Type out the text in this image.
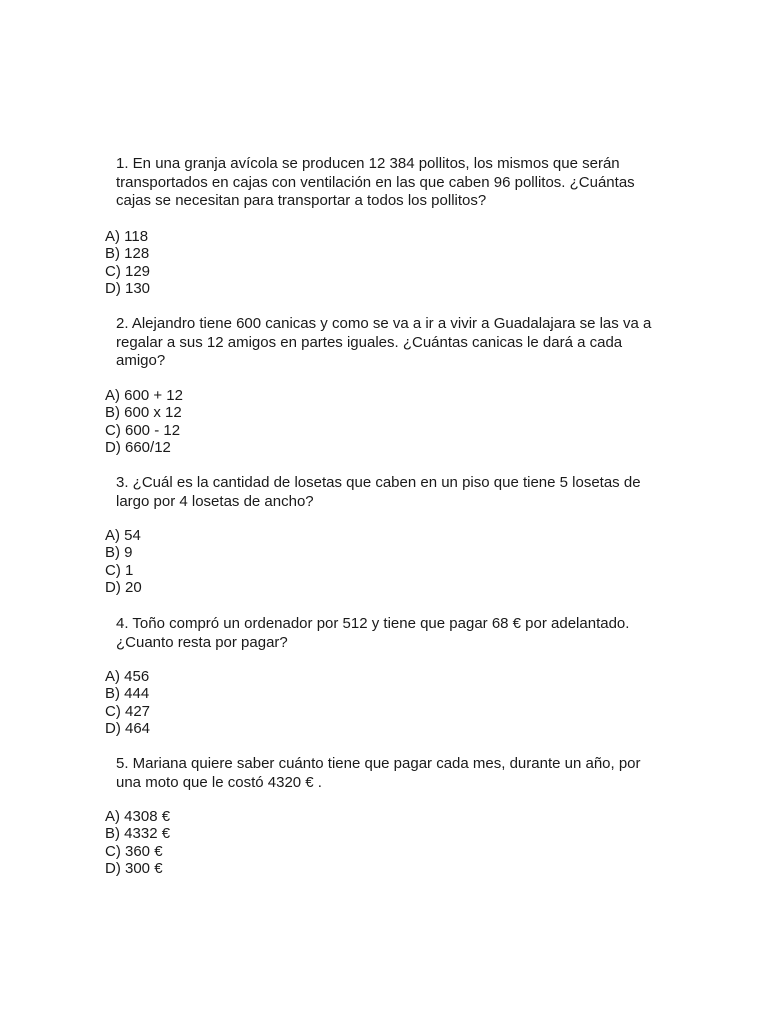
1. En una granja avícola se producen 12 384 pollitos, los mismos que serán transportados en cajas con ventilación en las que caben 96 pollitos. ¿Cuántas cajas se necesitan para transportar a todos los pollitos?

A) 118
B) 128
C) 129
D) 130

2. Alejandro tiene 600 canicas y como se va a ir a vivir a Guadalajara se las va a regalar a sus 12 amigos en partes iguales. ¿Cuántas canicas le dará a cada amigo?

A) 600 + 12
B) 600 x 12
C) 600 - 12
D) 660/12

3. ¿Cuál es la cantidad de losetas que caben en un piso que tiene 5 losetas de largo por 4 losetas de ancho?

A) 54
B) 9
C) 1
D) 20

4. Toño compró un ordenador por 512 y tiene que pagar 68 € por adelantado. ¿Cuanto resta por pagar?

A) 456
B) 444
C) 427
D) 464

5. Mariana quiere saber cuánto tiene que pagar cada mes, durante un año, por una moto que le costó 4320 € .

A) 4308 €
B) 4332 €
C) 360 €
D) 300 €
